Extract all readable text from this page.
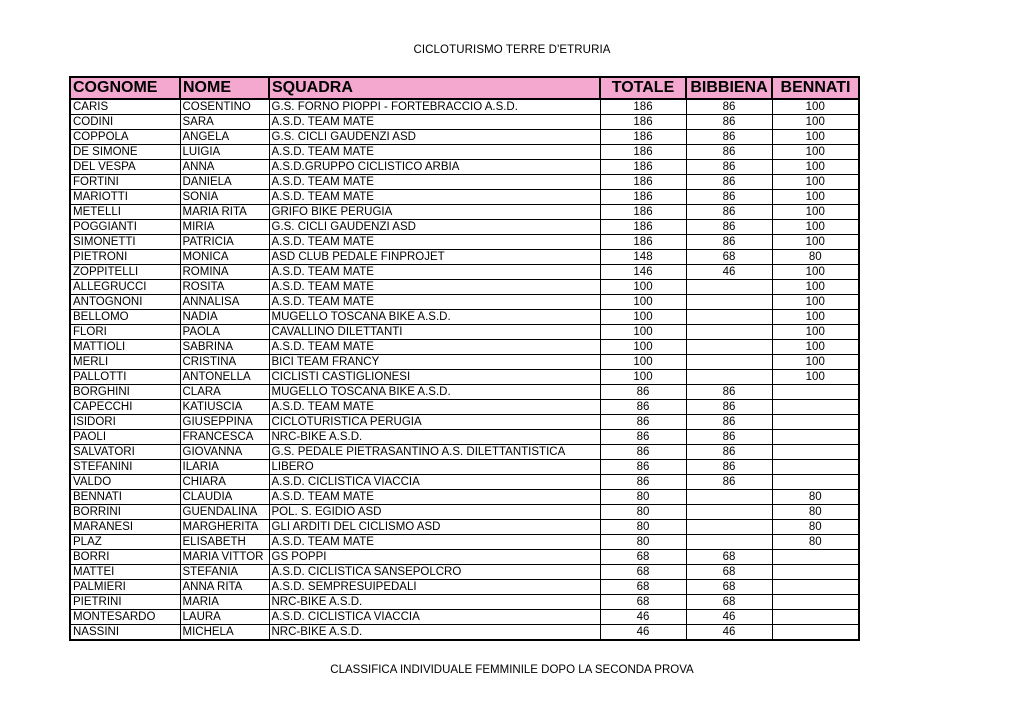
CICLOTURISMO TERRE D'ETRURIA
COGNOME	NOME	SQUADRA	TOTALE	BIBBIENA	BENNATI
CARIS	COSENTINO	G.S. FORNO PIOPPI - FORTEBRACCIO A.S.D.	186	86	100
CODINI	SARA	A.S.D. TEAM MATE	186	86	100
COPPOLA	ANGELA	G.S. CICLI GAUDENZI ASD	186	86	100
DE SIMONE	LUIGIA	A.S.D. TEAM MATE	186	86	100
DEL VESPA	ANNA	A.S.D.GRUPPO CICLISTICO ARBIA	186	86	100
FORTINI	DANIELA	A.S.D. TEAM MATE	186	86	100
MARIOTTI	SONIA	A.S.D. TEAM MATE	186	86	100
METELLI	MARIA RITA	GRIFO BIKE PERUGIA	186	86	100
POGGIANTI	MIRIA	G.S. CICLI GAUDENZI ASD	186	86	100
SIMONETTI	PATRICIA	A.S.D. TEAM MATE	186	86	100
PIETRONI	MONICA	ASD CLUB PEDALE FINPROJET	148	68	80
ZOPPITELLI	ROMINA	A.S.D. TEAM MATE	146	46	100
ALLEGRUCCI	ROSITA	A.S.D. TEAM MATE	100		100
ANTOGNONI	ANNALISA	A.S.D. TEAM MATE	100		100
BELLOMO	NADIA	MUGELLO TOSCANA BIKE A.S.D.	100		100
FLORI	PAOLA	CAVALLINO DILETTANTI	100		100
MATTIOLI	SABRINA	A.S.D. TEAM MATE	100		100
MERLI	CRISTINA	BICI TEAM FRANCY	100		100
PALLOTTI	ANTONELLA	CICLISTI CASTIGLIONESI	100		100
BORGHINI	CLARA	MUGELLO TOSCANA BIKE A.S.D.	86	86	
CAPECCHI	KATIUSCIA	A.S.D. TEAM MATE	86	86	
ISIDORI	GIUSEPPINA	CICLOTURISTICA PERUGIA	86	86	
PAOLI	FRANCESCA	NRC-BIKE A.S.D.	86	86	
SALVATORI	GIOVANNA	G.S. PEDALE PIETRASANTINO A.S. DILETTANTISTICA	86	86	
STEFANINI	ILARIA	LIBERO	86	86	
VALDO	CHIARA	A.S.D. CICLISTICA VIACCIA	86	86	
BENNATI	CLAUDIA	A.S.D. TEAM MATE	80		80
BORRINI	GUENDALINA	POL. S. EGIDIO ASD	80		80
MARANESI	MARGHERITA	GLI ARDITI DEL CICLISMO ASD	80		80
PLAZ	ELISABETH	A.S.D. TEAM MATE	80		80
BORRI	MARIA VITTOR	GS POPPI	68	68	
MATTEI	STEFANIA	A.S.D. CICLISTICA SANSEPOLCRO	68	68	
PALMIERI	ANNA RITA	A.S.D. SEMPRESUIPEDALI	68	68	
PIETRINI	MARIA	NRC-BIKE A.S.D.	68	68	
MONTESARDO	LAURA	A.S.D. CICLISTICA VIACCIA	46	46	
NASSINI	MICHELA	NRC-BIKE A.S.D.	46	46	
CLASSIFICA INDIVIDUALE FEMMINILE DOPO LA SECONDA PROVA
